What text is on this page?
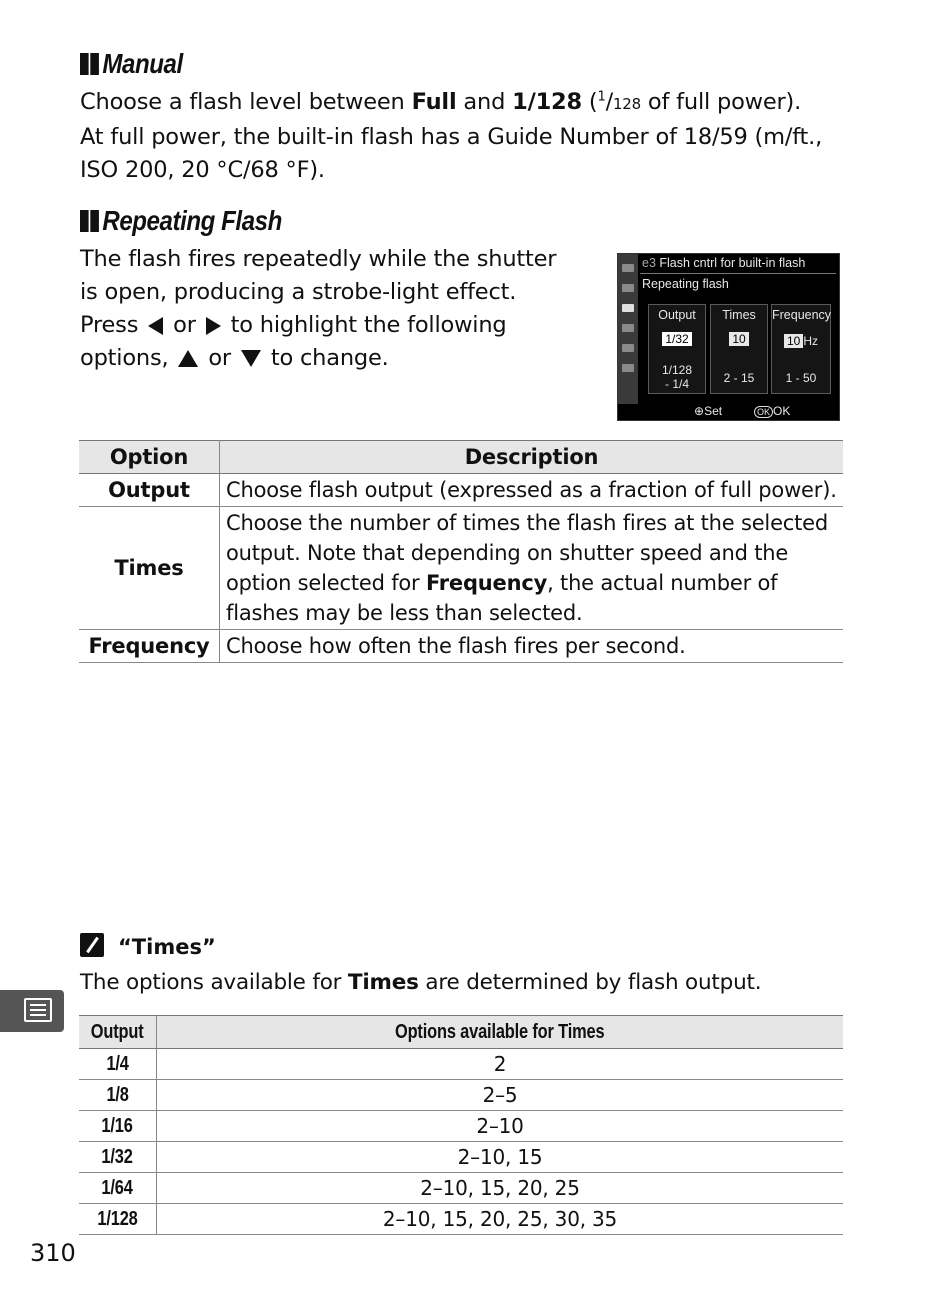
Manual
Choose a flash level between Full and 1/128 ($^1$/128 of full power).
At full power, the built-in flash has a Guide Number of 18/59 (m/ft.,
ISO 200, 20 °C/68 °F).
Repeating Flash
The flash fires repeatedly while the shutter
is open, producing a strobe-light effect.
Press or to highlight the following
options, or to change.
e3 Flash cntrl for built-in flash
Repeating flash
Output
1/32
1/128
- 1/4
Times
10
2 - 15
Frequency
10 Hz
1 - 50
⊕Set	OK OK
Option	Description
Output	Choose flash output (expressed as a fraction of full power).
Times	Choose the number of times the flash fires at the selected
output. Note that depending on shutter speed and the
option selected for Frequency, the actual number of
flashes may be less than selected.

Frequency	Choose how often the flash fires per second.
“Times”
The options available for Times are determined by flash output.
Output	Options available for Times
1/4	2
1/8	2–5
1/16	2–10
1/32	2–10, 15
1/64	2–10, 15, 20, 25
1/128	2–10, 15, 20, 25, 30, 35
310
